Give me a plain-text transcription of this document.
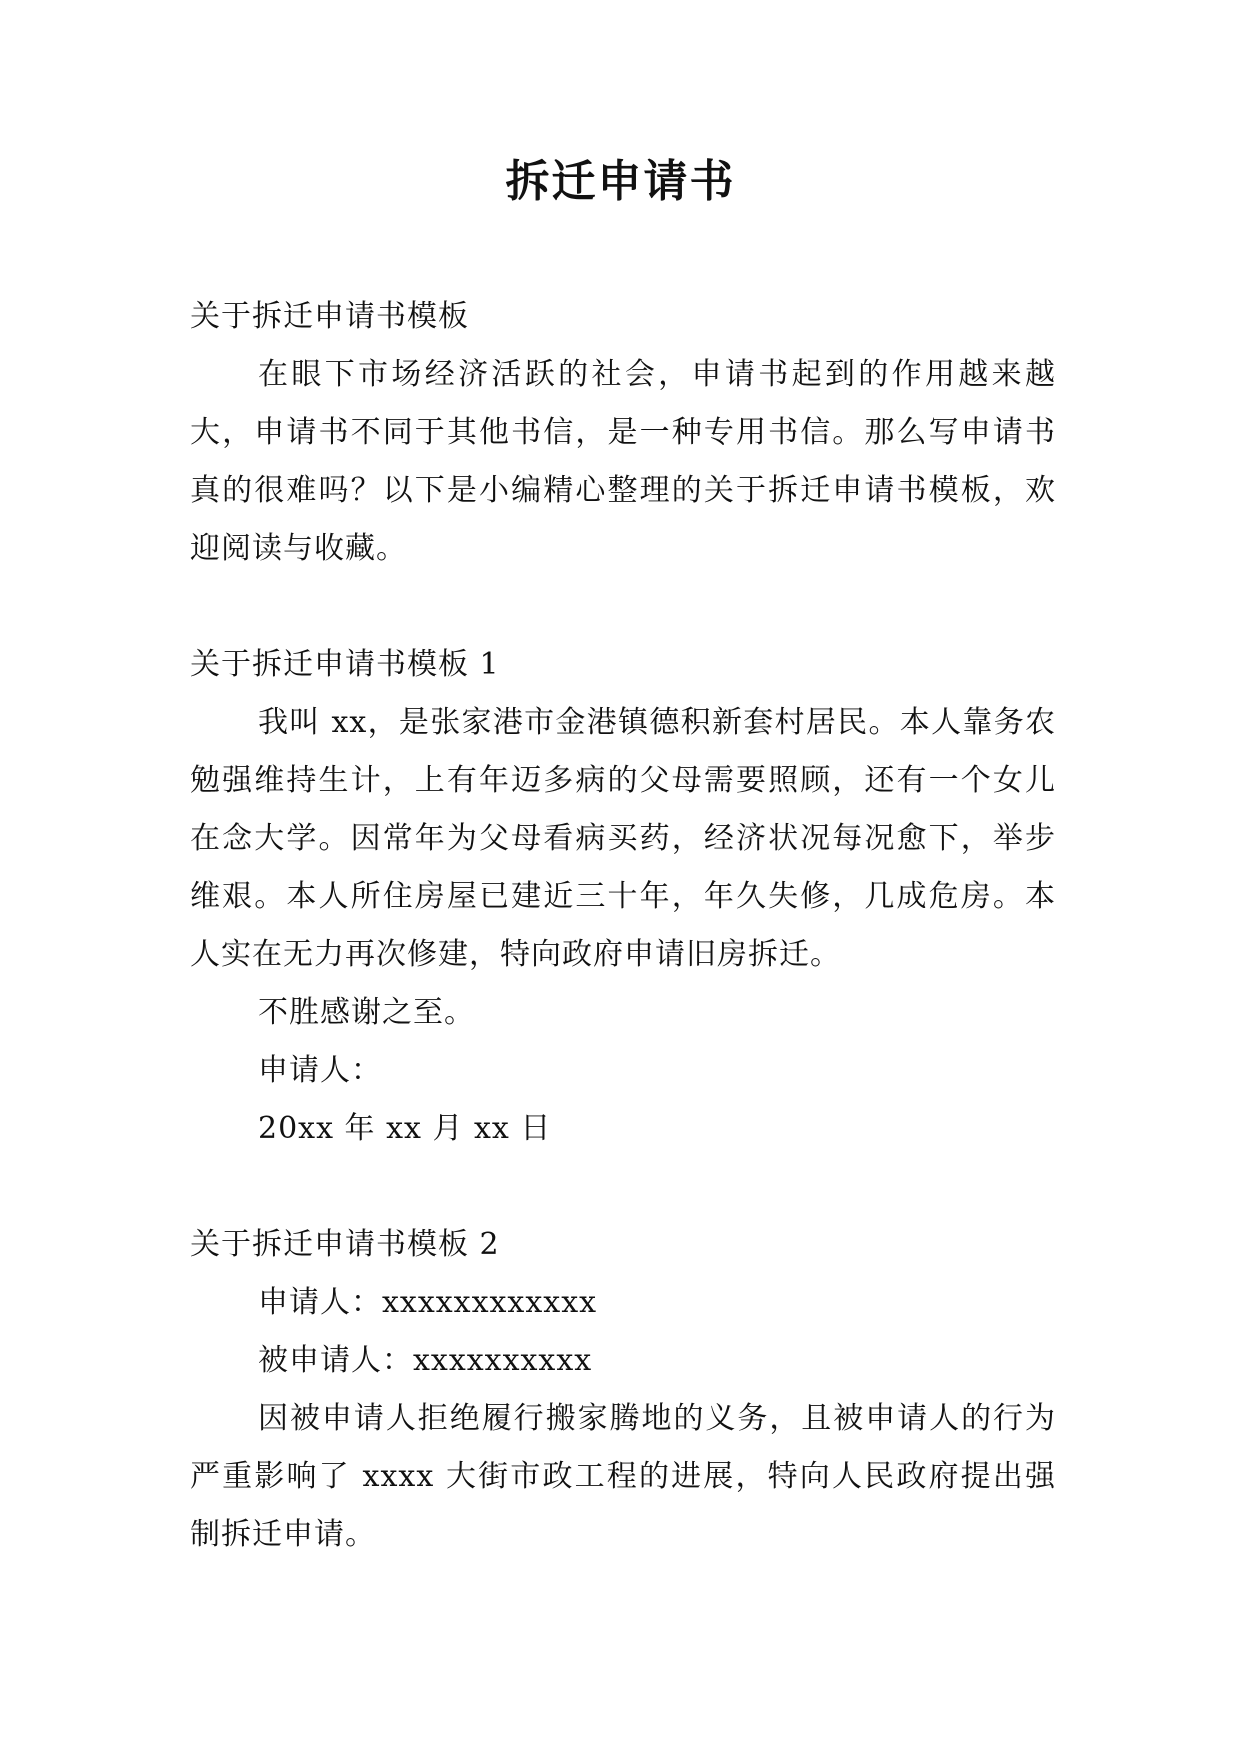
拆迁申请书

关于拆迁申请书模板

在眼下市场经济活跃的社会，申请书起到的作用越来越大，申请书不同于其他书信，是一种专用书信。那么写申请书真的很难吗？以下是小编精心整理的关于拆迁申请书模板，欢迎阅读与收藏。

关于拆迁申请书模板 1

我叫 xx，是张家港市金港镇德积新套村居民。本人靠务农勉强维持生计，上有年迈多病的父母需要照顾，还有一个女儿在念大学。因常年为父母看病买药，经济状况每况愈下，举步维艰。本人所住房屋已建近三十年，年久失修，几成危房。本人实在无力再次修建，特向政府申请旧房拆迁。

不胜感谢之至。

申请人：

20xx 年 xx 月 xx 日

关于拆迁申请书模板 2

申请人：xxxxxxxxxxxx

被申请人：xxxxxxxxxx

因被申请人拒绝履行搬家腾地的义务，且被申请人的行为严重影响了 xxxx 大街市政工程的进展，特向人民政府提出强制拆迁申请。
